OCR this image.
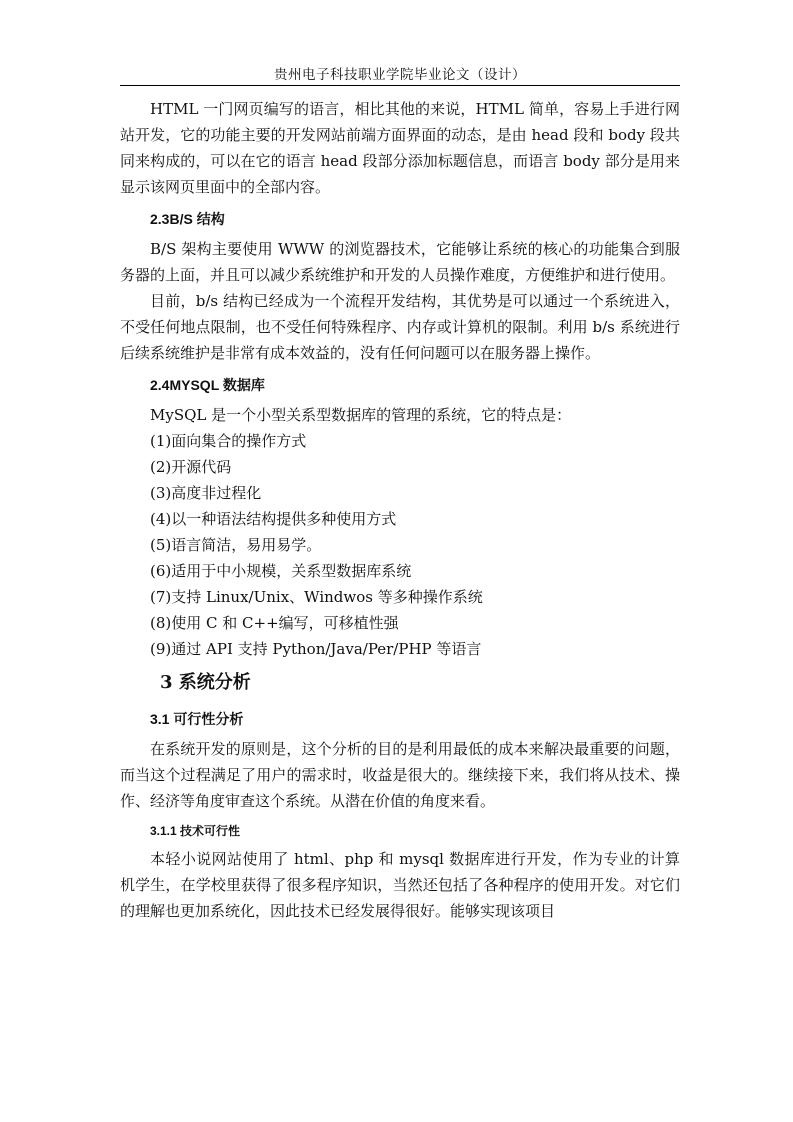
贵州电子科技职业学院毕业论文（设计）

HTML 一门网页编写的语言，相比其他的来说，HTML 简单，容易上手进行网站开发，它的功能主要的开发网站前端方面界面的动态，是由 head 段和 body 段共同来构成的，可以在它的语言 head 段部分添加标题信息，而语言 body 部分是用来显示该网页里面中的全部内容。

2.3B/S 结构

B/S 架构主要使用 WWW 的浏览器技术，它能够让系统的核心的功能集合到服务器的上面，并且可以减少系统维护和开发的人员操作难度，方便维护和进行使用。

目前，b/s 结构已经成为一个流程开发结构，其优势是可以通过一个系统进入，不受任何地点限制，也不受任何特殊程序、内存或计算机的限制。利用 b/s 系统进行后续系统维护是非常有成本效益的，没有任何问题可以在服务器上操作。

2.4MYSQL 数据库

MySQL 是一个小型关系型数据库的管理的系统，它的特点是：

(1)面向集合的操作方式
(2)开源代码
(3)高度非过程化
(4)以一种语法结构提供多种使用方式
(5)语言简洁，易用易学。
(6)适用于中小规模，关系型数据库系统
(7)支持 Linux/Unix、Windwos 等多种操作系统
(8)使用 C 和 C++编写，可移植性强
(9)通过 API 支持 Python/Java/Per/PHP 等语言
3 系统分析
3.1 可行性分析

在系统开发的原则是，这个分析的目的是利用最低的成本来解决最重要的问题，而当这个过程满足了用户的需求时，收益是很大的。继续接下来，我们将从技术、操作、经济等角度审查这个系统。从潜在价值的角度来看。

3.1.1 技术可行性

本轻小说网站使用了 html、php 和 mysql 数据库进行开发，作为专业的计算机学生，在学校里获得了很多程序知识，当然还包括了各种程序的使用开发。对它们的理解也更加系统化，因此技术已经发展得很好。能够实现该项目
